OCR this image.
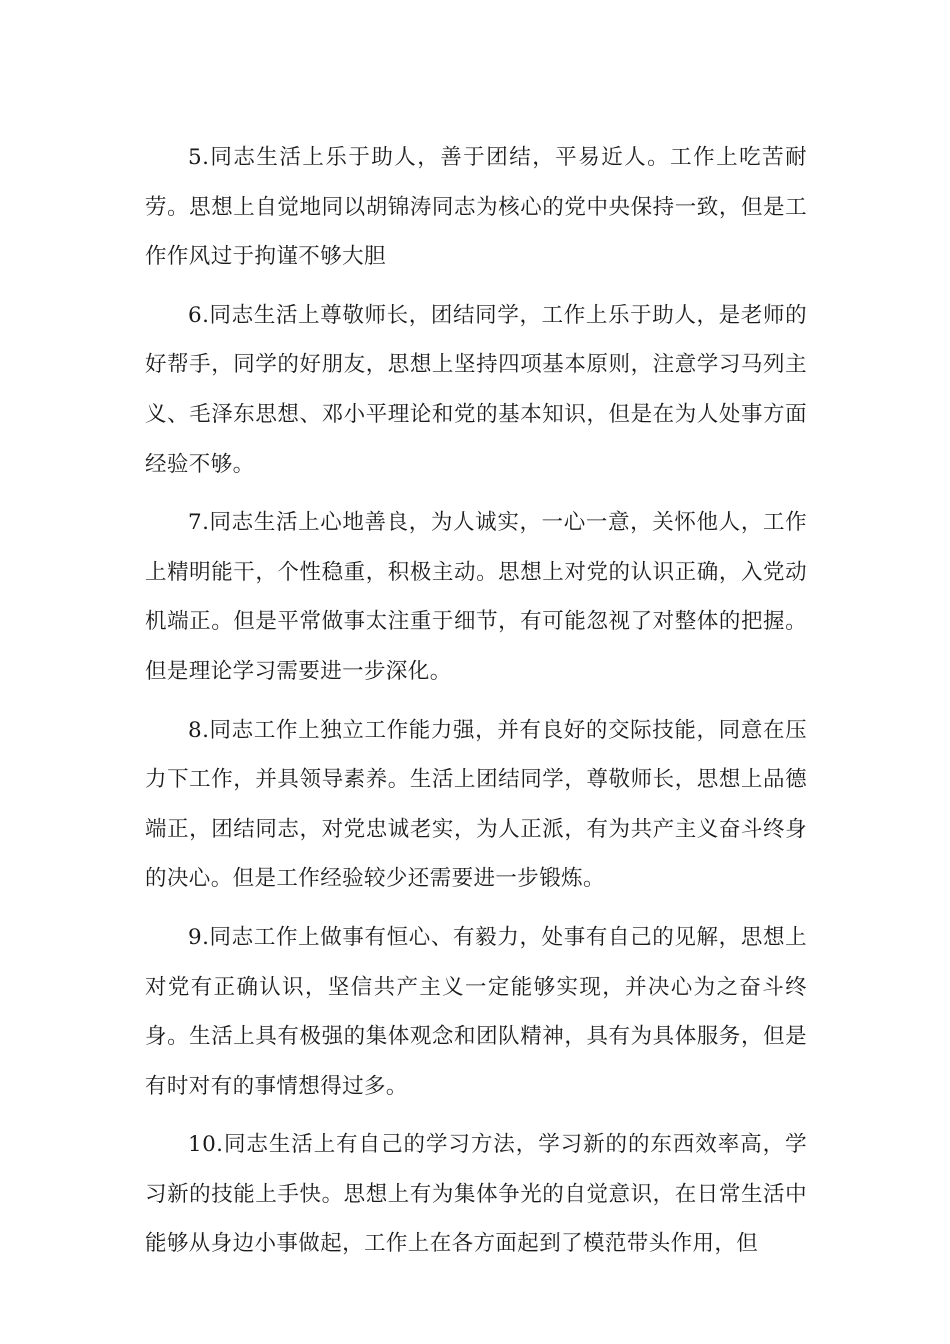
5.同志生活上乐于助人，善于团结，平易近人。工作上吃苦耐劳。思想上自觉地同以胡锦涛同志为核心的党中央保持一致，但是工作作风过于拘谨不够大胆

6.同志生活上尊敬师长，团结同学，工作上乐于助人，是老师的好帮手，同学的好朋友，思想上坚持四项基本原则，注意学习马列主义、毛泽东思想、邓小平理论和党的基本知识，但是在为人处事方面经验不够。

7.同志生活上心地善良，为人诚实，一心一意，关怀他人，工作上精明能干，个性稳重，积极主动。思想上对党的认识正确，入党动机端正。但是平常做事太注重于细节，有可能忽视了对整体的把握。但是理论学习需要进一步深化。

8.同志工作上独立工作能力强，并有良好的交际技能，同意在压力下工作，并具领导素养。生活上团结同学，尊敬师长，思想上品德端正，团结同志，对党忠诚老实，为人正派，有为共产主义奋斗终身的决心。但是工作经验较少还需要进一步锻炼。

9.同志工作上做事有恒心、有毅力，处事有自己的见解，思想上对党有正确认识，坚信共产主义一定能够实现，并决心为之奋斗终身。生活上具有极强的集体观念和团队精神，具有为具体服务，但是有时对有的事情想得过多。

10.同志生活上有自己的学习方法，学习新的的东西效率高，学习新的技能上手快。思想上有为集体争光的自觉意识，在日常生活中能够从身边小事做起，工作上在各方面起到了模范带头作用，但
